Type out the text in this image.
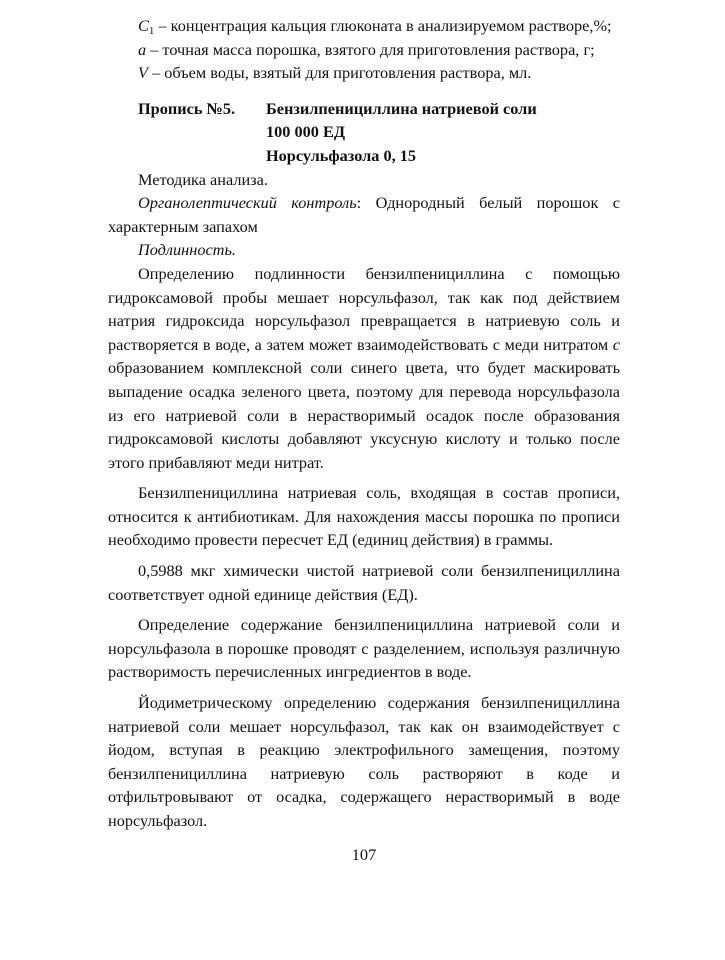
$C_1$ – концентрация кальция глюконата в анализируемом растворе,%;

a – точная масса порошка, взятого для приготовления раствора, г;

V – объем воды, взятый для приготовления раствора, мл.

Пропись №5.	Бензилпенициллина натриевой соли
100 000 ЕД
Норсульфазола 0, 15

Методика анализа.

Органолептический контроль: Однородный белый порошок с характерным запахом

Подлинность.

Определению подлинности бензилпенициллина с помощью гидроксамовой пробы мешает норсульфазол, так как под действием натрия гидроксида норсульфазол превращается в натриевую соль и растворяется в воде, а затем может взаимодействовать с меди нитратом с образованием комплексной соли синего цвета, что будет маскировать выпадение осадка зеленого цвета, поэтому для перевода норсульфазола из его натриевой соли в нерастворимый осадок после образования гидроксамовой кислоты добавляют уксусную кислоту и только после этого прибавляют меди нитрат.

Бензилпенициллина натриевая соль, входящая в состав прописи, относится к антибиотикам. Для нахождения массы порошка по прописи необходимо провести пересчет ЕД (единиц действия) в граммы.

0,5988 мкг химически чистой натриевой соли бензилпенициллина соответствует одной единице действия (ЕД).

Определение содержание бензилпенициллина натриевой соли и норсульфазола в порошке проводят с разделением, используя различную растворимость перечисленных ингредиентов в воде.

Йодиметрическому определению содержания бензилпенициллина натриевой соли мешает норсульфазол, так как он взаимодействует с йодом, вступая в реакцию электрофильного замещения, поэтому бензилпенициллина натриевую соль растворяют в коде и отфильтровывают от осадка, содержащего нерастворимый в воде норсульфазол.

107
